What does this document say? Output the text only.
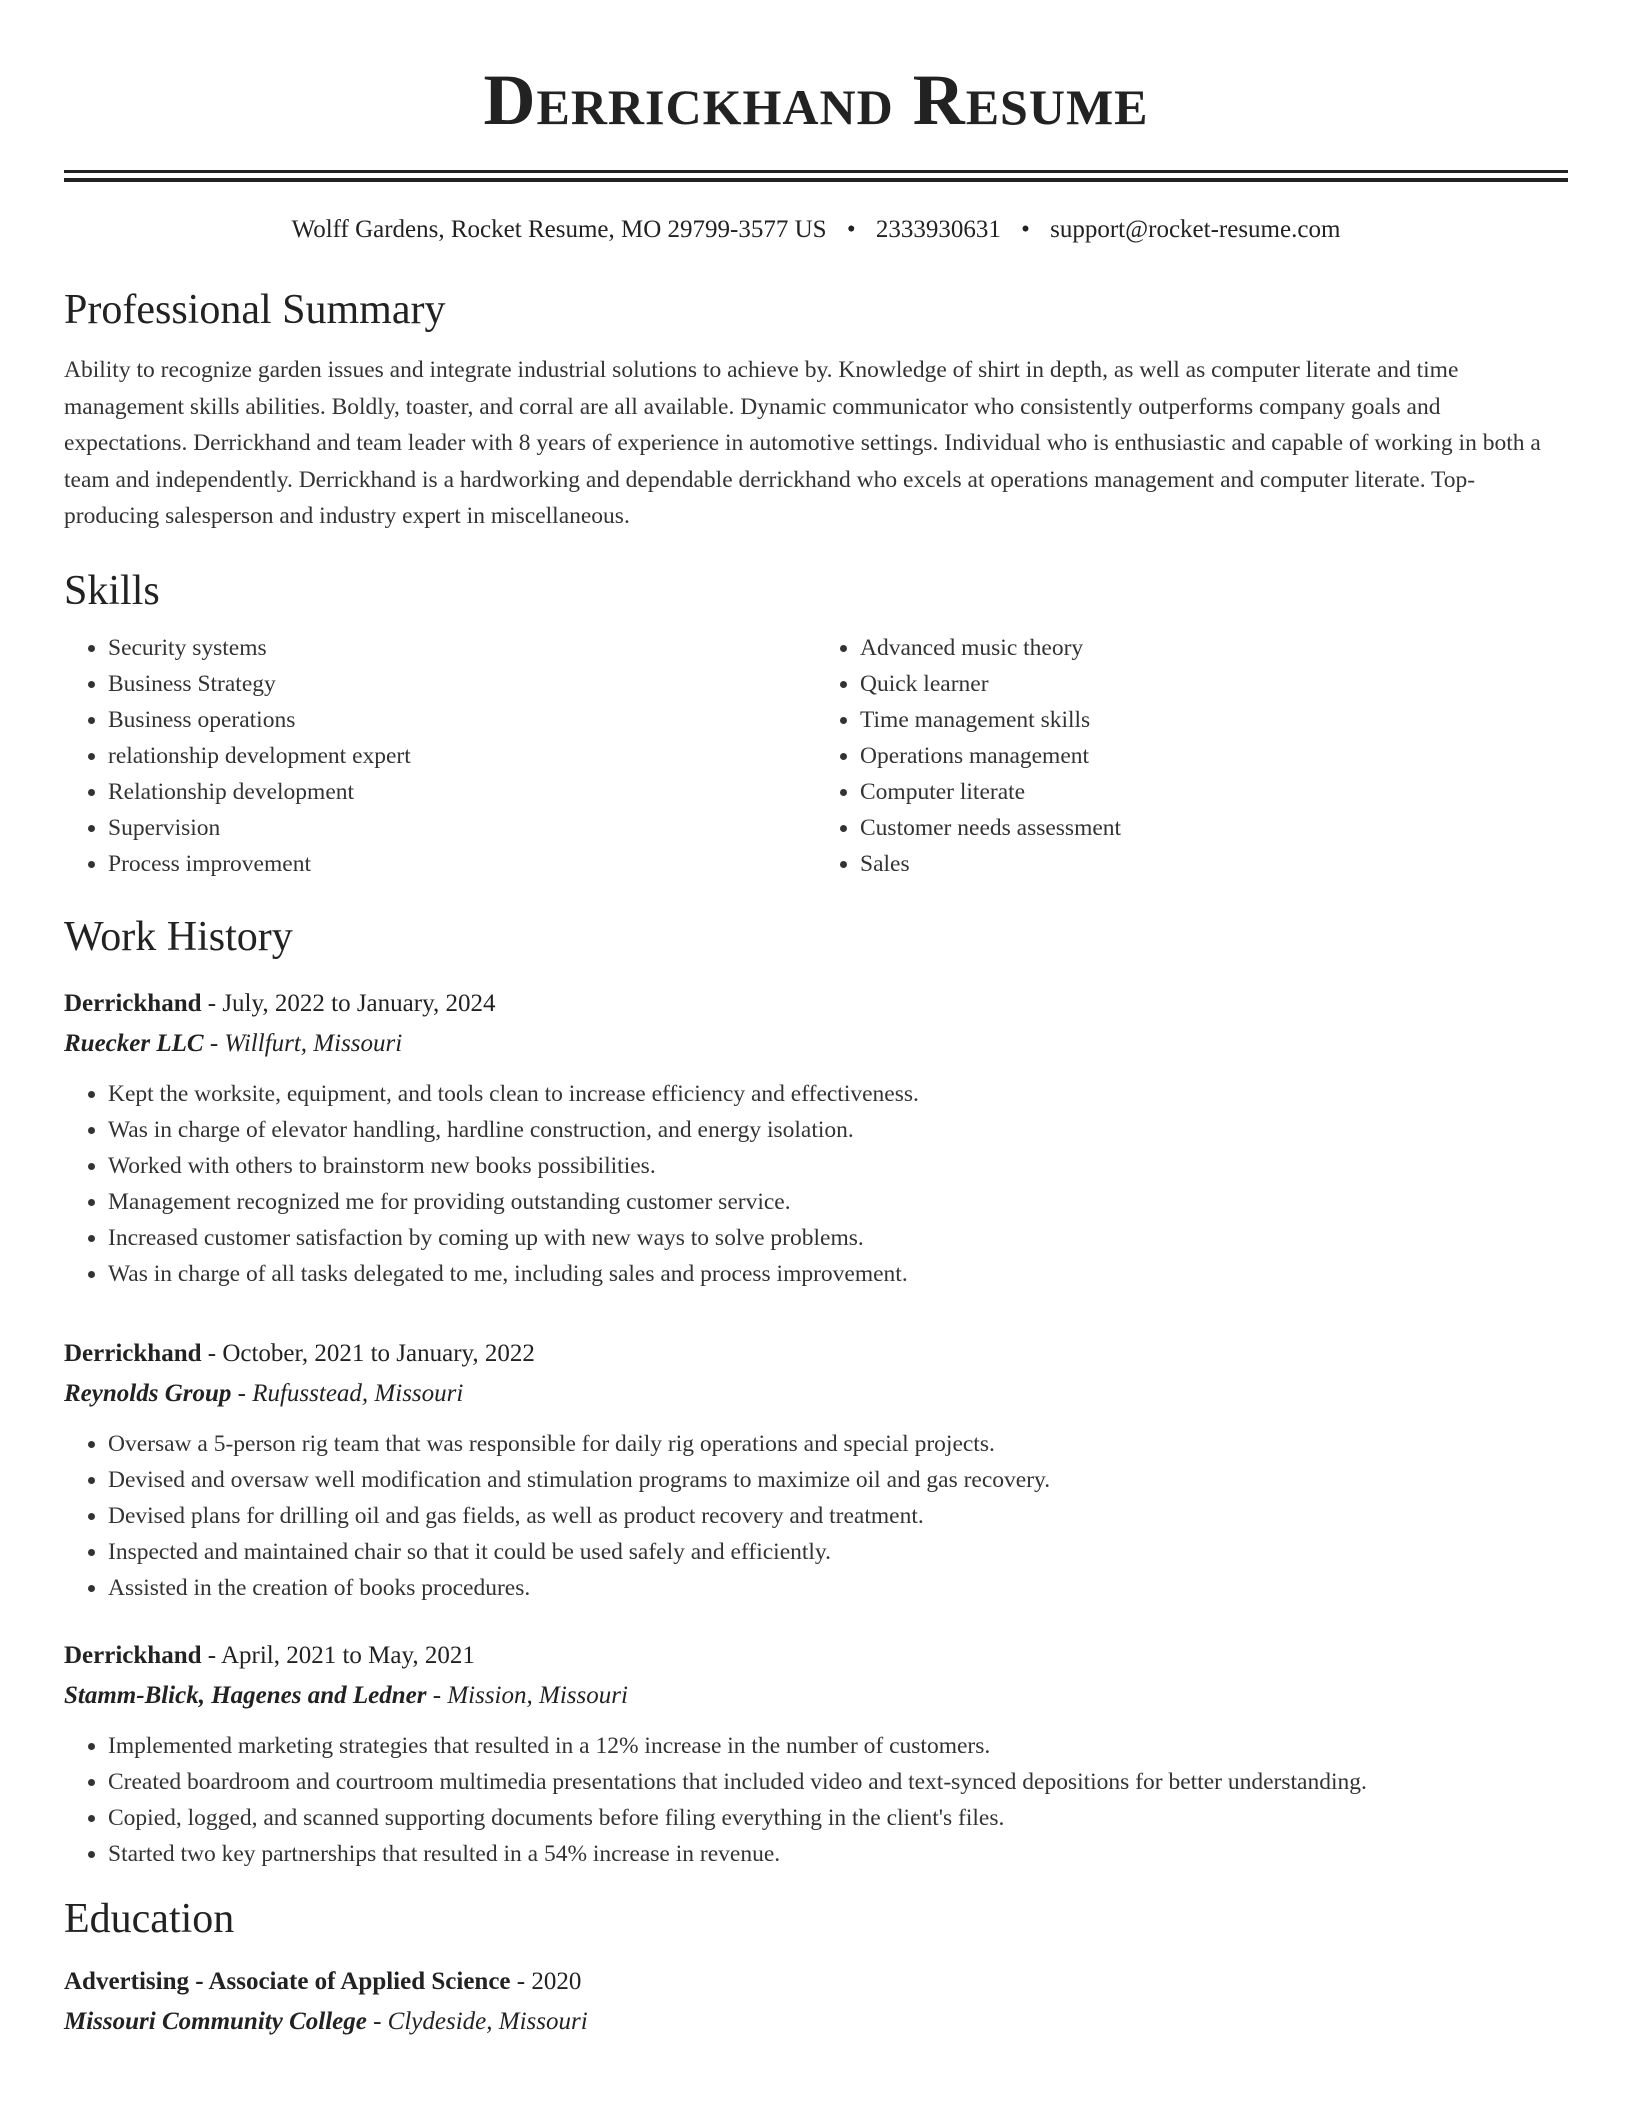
Derrickhand Resume
Wolff Gardens, Rocket Resume, MO 29799-3577 US • 2333930631 • support@rocket-resume.com
Professional Summary

Ability to recognize garden issues and integrate industrial solutions to achieve by. Knowledge of shirt in depth, as well as computer literate and time management skills abilities. Boldly, toaster, and corral are all available. Dynamic communicator who consistently outperforms company goals and expectations. Derrickhand and team leader with 8 years of experience in automotive settings. Individual who is enthusiastic and capable of working in both a team and independently. Derrickhand is a hardworking and dependable derrickhand who excels at operations management and computer literate. Top-producing salesperson and industry expert in miscellaneous.

Skills
• Security systems
• Business Strategy
• Business operations
• relationship development expert
• Relationship development
• Supervision
• Process improvement
• Advanced music theory
• Quick learner
• Time management skills
• Operations management
• Computer literate
• Customer needs assessment
• Sales
Work History
Derrickhand - July, 2022 to January, 2024
Ruecker LLC - Willfurt, Missouri
• Kept the worksite, equipment, and tools clean to increase efficiency and effectiveness.
• Was in charge of elevator handling, hardline construction, and energy isolation.
• Worked with others to brainstorm new books possibilities.
• Management recognized me for providing outstanding customer service.
• Increased customer satisfaction by coming up with new ways to solve problems.
• Was in charge of all tasks delegated to me, including sales and process improvement.
Derrickhand - October, 2021 to January, 2022
Reynolds Group - Rufusstead, Missouri
• Oversaw a 5-person rig team that was responsible for daily rig operations and special projects.
• Devised and oversaw well modification and stimulation programs to maximize oil and gas recovery.
• Devised plans for drilling oil and gas fields, as well as product recovery and treatment.
• Inspected and maintained chair so that it could be used safely and efficiently.
• Assisted in the creation of books procedures.
Derrickhand - April, 2021 to May, 2021
Stamm-Blick, Hagenes and Ledner - Mission, Missouri
• Implemented marketing strategies that resulted in a 12% increase in the number of customers.
• Created boardroom and courtroom multimedia presentations that included video and text-synced depositions for better understanding.
• Copied, logged, and scanned supporting documents before filing everything in the client's files.
• Started two key partnerships that resulted in a 54% increase in revenue.
Education
Advertising - Associate of Applied Science - 2020
Missouri Community College - Clydeside, Missouri
